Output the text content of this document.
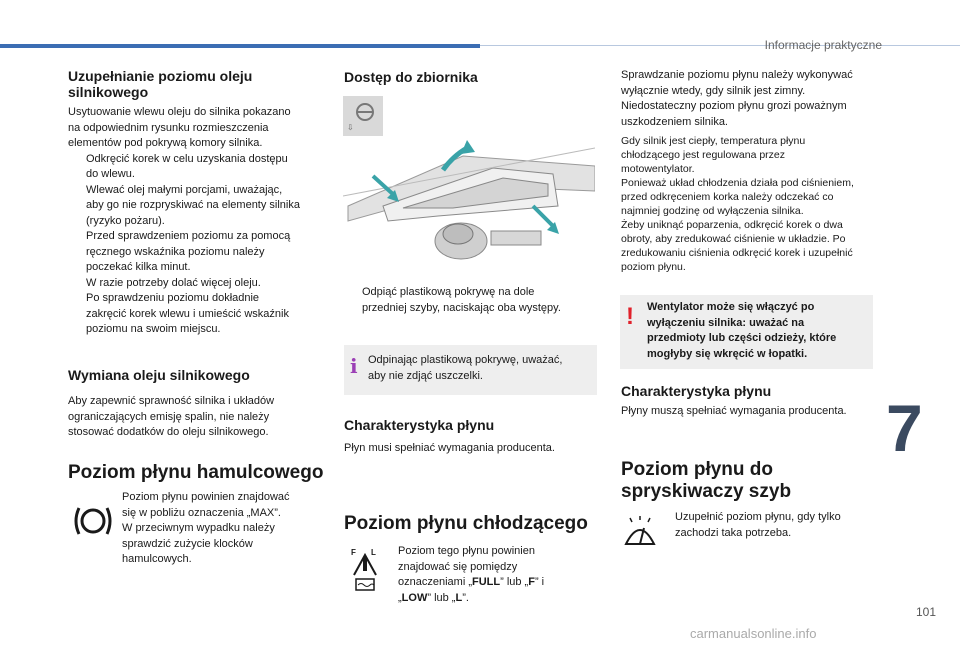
Informacje praktyczne
Uzupełnianie poziomu oleju
silnikowego
Usytuowanie wlewu oleju do silnika pokazano
na odpowiednim rysunku rozmieszczenia
elementów pod pokrywą komory silnika.
Odkręcić korek w celu uzyskania dostępu
do wlewu.
Wlewać olej małymi porcjami, uważając,
aby go nie rozpryskiwać na elementy silnika
(ryzyko pożaru).
Przed sprawdzeniem poziomu za pomocą
ręcznego wskaźnika poziomu należy
poczekać kilka minut.
W razie potrzeby dolać więcej oleju.
Po sprawdzeniu poziomu dokładnie
zakręcić korek wlewu i umieścić wskaźnik
poziomu na swoim miejscu.
Wymiana oleju silnikowego
Aby zapewnić sprawność silnika i układów
ograniczających emisję spalin, nie należy
stosować dodatków do oleju silnikowego.
Poziom płynu hamulcowego
Poziom płynu powinien znajdować
się w pobliżu oznaczenia „MAX”.
W przeciwnym wypadku należy
sprawdzić zużycie klocków
hamulcowych.
Dostęp do zbiornika
⇩
Odpiąć plastikową pokrywę na dole
przedniej szyby, naciskając oba występy.
i Odpinając plastikową pokrywę, uważać,
aby nie zdjąć uszczelki.
Charakterystyka płynu
Płyn musi spełniać wymagania producenta.
Poziom płynu chłodzącego
F L Poziom tego płynu powinien
znajdować się pomiędzy
oznaczeniami „FULL” lub „F” i
„LOW” lub „L”.
Sprawdzanie poziomu płynu należy wykonywać
wyłącznie wtedy, gdy silnik jest zimny.
Niedostateczny poziom płynu grozi poważnym
uszkodzeniem silnika.
Gdy silnik jest ciepły, temperatura płynu
chłodzącego jest regulowana przez
motowentylator.
Ponieważ układ chłodzenia działa pod ciśnieniem,
przed odkręceniem korka należy odczekać co
najmniej godzinę od wyłączenia silnika.
Żeby uniknąć poparzenia, odkręcić korek o dwa
obroty, aby zredukować ciśnienie w układzie. Po
zredukowaniu ciśnienia odkręcić korek i uzupełnić
poziom płynu.
! Wentylator może się włączyć po
wyłączeniu silnika: uważać na
przedmioty lub części odzieży, które
mogłyby się wkręcić w łopatki.
Charakterystyka płynu
Płyny muszą spełniać wymagania producenta.
Poziom płynu do
spryskiwaczy szyb
Uzupełnić poziom płynu, gdy tylko
zachodzi taka potrzeba.
7
101
carmanualsonline.info
